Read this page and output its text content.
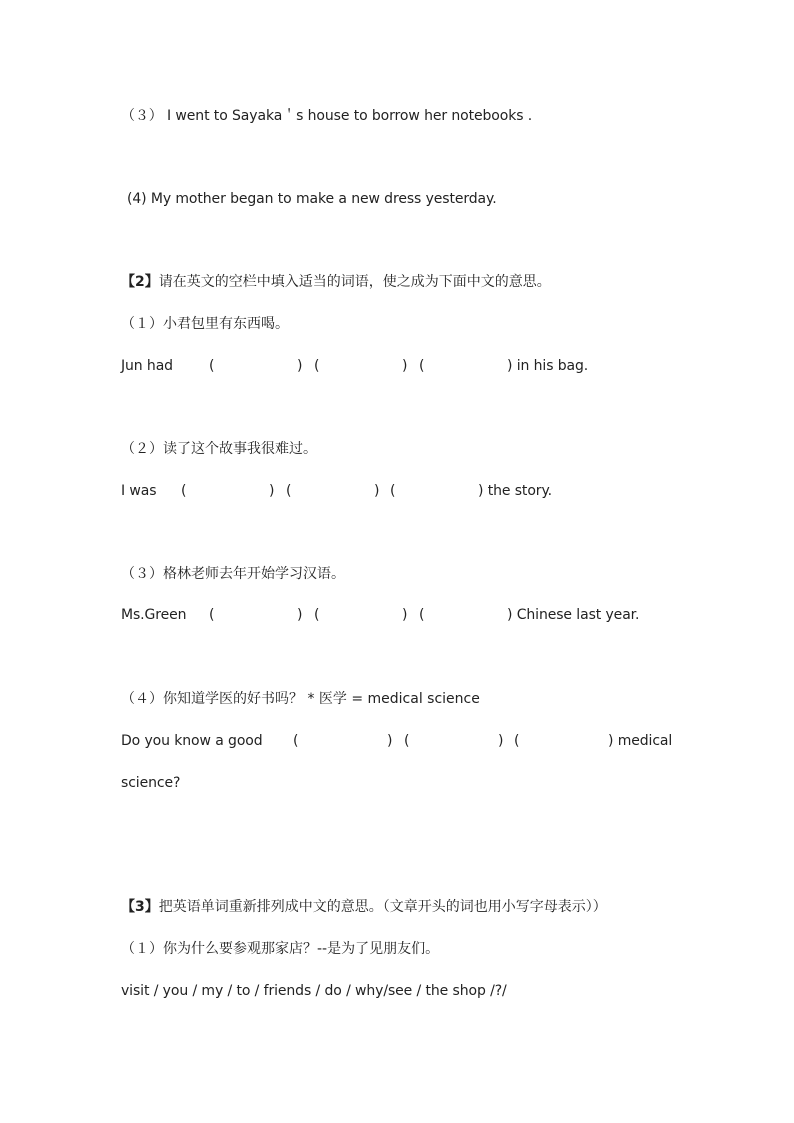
（３） I went to Sayaka＇s house to borrow her notebooks .
(4) My mother began to make a new dress yesterday.
【2】请在英文的空栏中填入适当的词语，使之成为下面中文的意思。
（１）小君包里有东西喝。
Jun had	(	) (	) (	) in his bag.
（２）读了这个故事我很难过。
I was (	) (	) (	) the story.
（３）格林老师去年开始学习汉语。
Ms.Green (	) (	) (	) Chinese last year.
（４）你知道学医的好书吗？ * 医学 = medical science
Do you know a good (	) (	) (	) medical
science?
【3】把英语单词重新排列成中文的意思。（文章开头的词也用小写字母表示））
（１）你为什么要参观那家店？--是为了见朋友们。
visit / you / my / to / friends / do / why/see / the shop /?/
